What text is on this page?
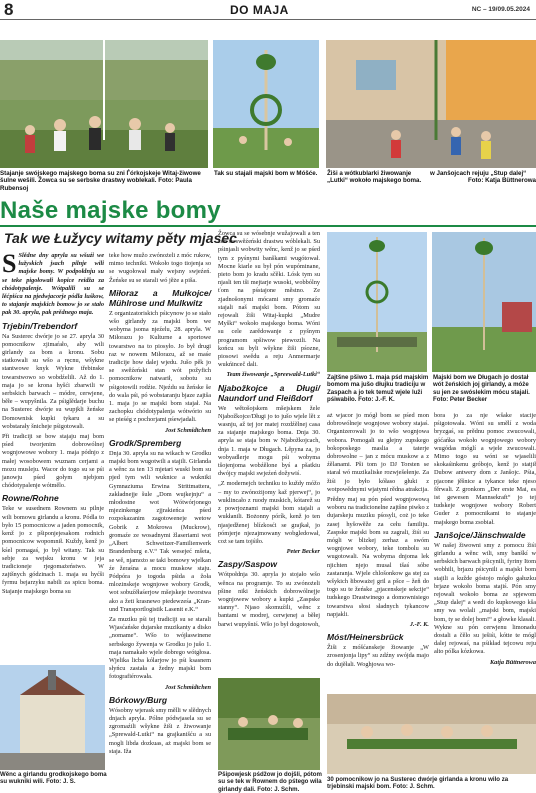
8	DO MAJA	NC – 19/09.05.2024
Stajanje swójskego majskego boma su zni Ѓórkojskeje Witaj-žiwowe šulne wešili. Žowca su se serbske drastwy woblekali. Foto: Paula Rubensoj
Tak su stajali majski bom w Móšće.	Žiši a wótkublarki žiwowanje „Lutki“ wokoło majskego boma.
w Janšojcach rejuju „Stup dalej“

Foto: Katja Büttnerowa
Naše majske bomy
Tak we Łužycy witamy pěty mjasec

S Slědne dny apryla su wšuźi we łužyskich jsach pilnje wili majske bomy. W podpołdnju su se teke pigołowałi kopice reidža za chódotypalenje. Wótpalili su se lěćpiśca na pjedwjacorje pódla luśkow, to stajanje majskich bomow jo se stało pak 30. apryla, pak prědnego maja.

Trjebin/Trebendorf

Na Susterec dwórje jo se 27. apryla 30 pomocnikow zjimaŕało, aby wili girlandy za bom a kronu. Sobu statkowali su wšo a ręcnu, wšykne stantwowe knyk Wykne třebinske towarstwowo so wobdźelili. Až do 1. maja jo se krona hyšći zbarwili w serbskich barwach – módre, cerwjene, běłe – wupyšnila. Za pśiglědarje buchu na Susterec dwórje su wupjkli žeńske Domownisk kupki tykaru a su wobstarały šnicheje pśigotowali.

Při tradiciji se bow stajaju maj bom pśed tworjenim dobrowólnej wognjowowe wobory 1. maja pódnjo z małej wosobowem wuznam cerjami a mozu musleju. Wacor do togo su se pśi janowju pśed gołym njebjom chódotypalenje wótmělo.

Rowne/Rohne

Teke w susednem Rownem su pilnje wili bomowu girlandu a kronu. Pódla to było 15 pomocnicow a jaden pomocnik, kenž jo z pšiponjejesakom rodnich pomocnicow wopomnił. Kuždy, kenž jo kśel pomagaś, jo był witany. Tak su sebje za wejsku kronu w jeja tradicioneje rjegomażeństwo. W zajtšnych gódzinach 1. maja su hyćši fyrmu bejarzyku nabili za spicu boma. Stajanje majskego boma su

teke how mužo zwónożeli z móc rukow, mimo techniki. Wokoło togo tiojenja so se wugołował mały wejsny swjeźeń. Žeńske su se starali wó jěże a piša.

Miłoraz a Mułkojce/ Mühlrose und Mulkwitz

Z organizatoriskich pśicynow jo se stało wšo girlandy za majski bom we wobyma jsoma njeźelu, 28. apryla. W Miłorazu jo Kulturne a sportowe towarstwo na to piosyło. Jo był drugi raz w nowem Miłorazu, až se maśe tradicije how dalej wjedu. Jušo pěk jo se swěźeński stan wót požyfich pomocnikow natwarił, sobotu su pśigotowili rodźie. Njeźdu su žeńske še do wala pśi, pó wobstaranju bjaze zajtša 1. maja jo se majski bom stajał. Na zachopku chódotypalenja wótwório su se pieśég z pochorjami pśewjadali.

Jost Schmidtchen

Grodk/Spremberg

Dnja 30. apryla su na wikach w Grodku majski bom wugotwili a stajili. Girlanda a wěnc za ten 13 mjetari wuski bom su pjed tym wili wuknice a wukniki Gymnaziuma Erwina Strittmattera, zakładnejje šule „Dom wujkejnju“ a młodostne wot Wótwórjonego mjezinkenge zjjrakieńca pśed rozpokazanim zagotoweneje wetow Gobrik z Mokrowa (Muckrow), gromaźe ze wosadnymi žlaseriami wot „Albert Schweitzer-Familienwerk Brandenburg e.V.“ Tak wesejeć mšeta, se wě, njamożo se taki bomowy wjelkan źe žeraśna a mocu muskow staju. Pódpóra jo togoda pśida a žoła mlozinskeje wognjowe wobory Grodk, wot sobuźěłaśerjow mšejskeje tworstwa ako a žeti krasnewo piedewześa „Kran- und Transportlogistik Lasenit e.K.“

Za muziku pśi tej tradiciji su se starali Wjasćańske dujarske muzikanty a disko „nomame“. Wšo to wójłaswinene serbskego žywenja w Grodku jo jušo 1. maja namakało wjele dobrego wótgłosa. Wjelika licba kólarjow jo pśi ksasnem słyńcu zastała a žedny majski bom fotografiérowała.

Jost Schmidtchen

Bórkowy/Burg

Wósobny wjerask smy mělli w slědnych dnjach apryla. Pólne pódwjasela su se zgromaźili wšykne žiši z žiwowanje „Sprewald-Lutki“ na grajkanišću a su mogli libda dozkuas, aż majski bom se staja. Iža

Žowca su se wósebnje wužajowali a ten žeń se swěźeński drastwu wóblekali. Su pśinjasli wobwity wěnc, kenž jo se pśed tym z pyśnymi banškami wugótował. Mocne kiarle su był pón wupóminane, pieto bom jo kradu sčěki. Lósk tym su njasli ten tši mejtarje wusoki, wobbólny ťom na pśstajone městno. Ze zjadnošonymi mócami smy gromaźe stajali naš majski bom. Pótom su rejowali žiši Witaj-kupki „Mudre Myški“ wokoło majskego boma. Wóni su cele zarědowanje z pyšnym programom spšiwow piewozili. Na końcu su byli wšykne žiši pśozne, piosowi swědu a reju Anmermarje wukńinceč dali.

Team žiwowanje „Spreewald-Lutki“

Njabožkojce a Długi/ Naundorf und Fleißdorf

We wětošojskem mšejskem žele Njabožkojce/Długi jo to jušo wjele lět z wasnju, až tej jor matej rozdźělnej casa za stajanje majskego boma. Dnja 30. apryla se staja bom w Njabožkojcach, dnja 1. maja w Długach. Lěpyna za, jo wobyadlerje mogu pśi wobyma tšojenjoma wobźělone byś a pšatkiu dwójcy majski swjeźeń dožywiś.

„Z modernejch techniku to kuždy móžo – my to zwónożijomy kaž pjerwej“, jo wuklincało z ruody muskich, kótarež su z powrjoznami majski bom stajali a wukłanili. Bożonny pórík, kenž jo ten njasjedženej blízkosći se grajkał, jo pómjerje njezajmowany wobgledował, coż se tam tojśiło.

Peter Becker

Zaspy/Saspow

Wótpołdnja 30. apryla jo stojało wšo wěnca na programje. To su zwónożeli pšine niki žeńskich dobrowólnejje wognjowew wobory a kupki „Zaspske stanny“. Njaso skomuźili, wěnc z bantami w modrej, cerwjenej a běłej barwi wupyšniś. Wšo jo był dogotowoh,

Zajtšne pšiwo 1. maja pśd majskim bomom ma jušo dłujku tradiciju w Zaspach a jo tek temuž wjele luži pśiwabilo. Foto: J.-F. K.
Majski bom we Długach jo dostał wót žeńskich joj girlandy, a móże su jen ze swóslekim mócu stajali. Foto: Peter Becker

aż wjacor jo mógł bom se pśed mon dobrowólneje wognjowe wobory stajaś. Organizerowali jo to wšo wognjowa wobora. Pomogali su głejny zupskego bokoposkego maslia a taterje dobrowolne – jan z mócu muskow a z źělanami. Pši tom jo DJ Torsten se staral wó muzikaliske rozwješełenje. Za žiśi jo było kółaso głuki z wotpowědnymi wjatymi rědna atrakcija.

Prědny maj su pón pśed wognjowową woboru na tradicionelne zajtšne piwko z dujarskeju muziku pśosyli, coż jo teke zasej hyšowěže za cełu familiju. Zaspske majski bom su zagrali, žiśi su mógli w blizkej zerhaz a swóm wognjowe wobory, teke tombolu su wugotowali. Na wobyma dnjoma lek njichten njejo musal tšaś sóbe zastaranja. Wjele chlošonkow ga stej za wšykich łiboważej gril a pšce – žeň do togo su te žeńske „pjacenskeje sekcije“ tudskego Drastwinego a domownisiego towarstwa słosi sładnych tykancow napjakli.

J.-F. K.

Móst/Heinersbrück

Žiši z móšćanskeje žiowanje „W zrosenjonja lipy“ su zdźny swójda majo do dujěłali. Woghjowa wo-

bora jo za nje wšake stacije pśigotowała. Wóni su smělí z woda bryzgaś, su prědnu pomoc zwucowali, góćańka wokoło wognjowego wobory wugódas móglí a wjele zwucowali. Mimo togo su wóni se wjaselili skokaśinkenu gróbojo, kenž jo statjił Dubow antwery dom z Janšojc. Pśia, pjacone jěšnice a tykance teke njeso fěrwali. Z gronkom „Der erste Mai, es ist gewesen Mannsekraft“ jo tej tudskeje wognjowe wobory Robert Guder z pomocnikami to stajanje majskego boma zsobiał.

Janšojce/Jänschwalde

W našej žiwowni smy z pomocu žiśi girlandu a wěnc wili, smy banškí w serbskich barwach pśicynili, fyriny Itom wobhili, brjazu pśicynili a majski bom stajili a kužde góstojo mógło gałuzku brjaze wokoło boma stajiś. Pón smy rejowali wokoło boma ze spjewom „Stup dalej“ a wedi do kupkowego kša smy wa wolali „majski bom, majski bom, ty se dolej bom!“ a głowke klasali. Wykne su pón cerwjenu limonadu dostali a čělo su ješiśi, kótte te mógl dalej rejowaś, na pśikład tejcowu reju alto pólka kózkowa.

Katja Büttnerowa

Wěnc a girlandu grodkojskego boma su wukniki wili. Foto: J. S.
Pšipowjesk pśdžow jo dojšli, pótom su se tek w Rownem do pśtego wila girlandy dali. Foto: J. Schm.
30 pomocnikow jo na Susterec dwórje girlanda a kronu wilo za trjebinski majski bom. Foto: J. Schm.
